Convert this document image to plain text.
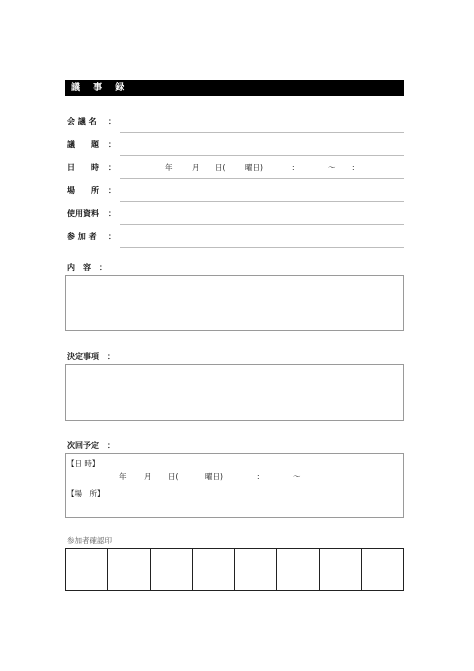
議 事 録
会 議 名 ：
議　　題 ：
日　　時 ：	年	月 日(	曜日)	:	～ :
場　　所 ：
使用資料 ：
参 加 者 ：
内　容　：
決定事項　：
次回予定　：
【日 時】
年 月 日(	曜日)	:	～
【場　所】
参加者確認印
